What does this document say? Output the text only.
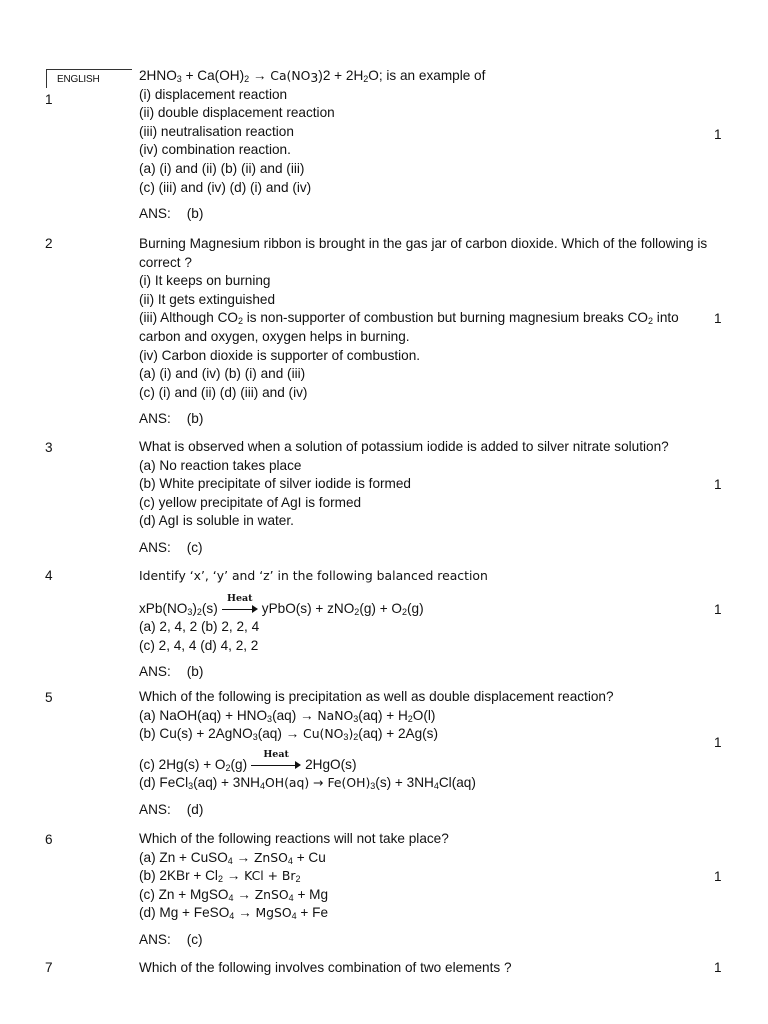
ENGLISH
1
1
$2HNO_3 + Ca(OH)_2 \to Ca(NO_3)2 + 2H_2O$; is an example of
(i) displacement reaction
(ii) double displacement reaction
(iii) neutralisation reaction
(iv) combination reaction.
(a) (i) and (ii) (b) (ii) and (iii)
(c) (iii) and (iv) (d) (i) and (iv)
ANS: (b)
2
1
Burning Magnesium ribbon is brought in the gas jar of carbon dioxide. Which of the following is correct ?
(i) It keeps on burning
(ii) It gets extinguished
(iii) Although $CO_2$ is non-supporter of combustion but burning magnesium breaks $CO_2$ into carbon and oxygen, oxygen helps in burning.
(iv) Carbon dioxide is supporter of combustion.
(a) (i) and (iv) (b) (i) and (iii)
(c) (i) and (ii) (d) (iii) and (iv)
ANS: (b)
3
1
What is observed when a solution of potassium iodide is added to silver nitrate solution?
(a) No reaction takes place
(b) White precipitate of silver iodide is formed
(c) yellow precipitate of AgI is formed
(d) AgI is soluble in water.
ANS: (c)
4
1
Identify ‘x’, ‘y’ and ‘z’ in the following balanced reaction
$xPb(NO_3)_2(s)$
Heat
yPbO(s) + $zNO_2(g) + O_2(g)$
(a) 2, 4, 2 (b) 2, 2, 4
(c) 2, 4, 4 (d) 4, 2, 2
ANS: (b)
5
1
Which of the following is precipitation as well as double displacement reaction?
(a) NaOH(aq) + $HNO_3(aq)$ → NaNO$_3$(aq) + $H_2O(l)$
(b) Cu(s) + 2AgNO$_3$(aq) → $Cu(NO_3)_2(aq) + 2Ag(s)$
(c) $2Hg(s) + O_2(g)$
Heat
2HgO(s)
(d) FeCl$_3$(aq) + $3NH_4OH(aq) \to Fe(OH)_3(s) + 3NH_4Cl(aq)$
ANS: (d)
6
1
Which of the following reactions will not take place?
(a) Zn + CuSO$_4$ → ZnSO$_4$ + Cu
(b) $2KBr + Cl_2$ → KCl + $Br_2$
(c) Zn + MgSO$_4$ → ZnSO$_4$ + Mg
(d) Mg + FeSO$_4$ → MgSO$_4$ + Fe
ANS: (c)
7	1
Which of the following involves combination of two elements ?
